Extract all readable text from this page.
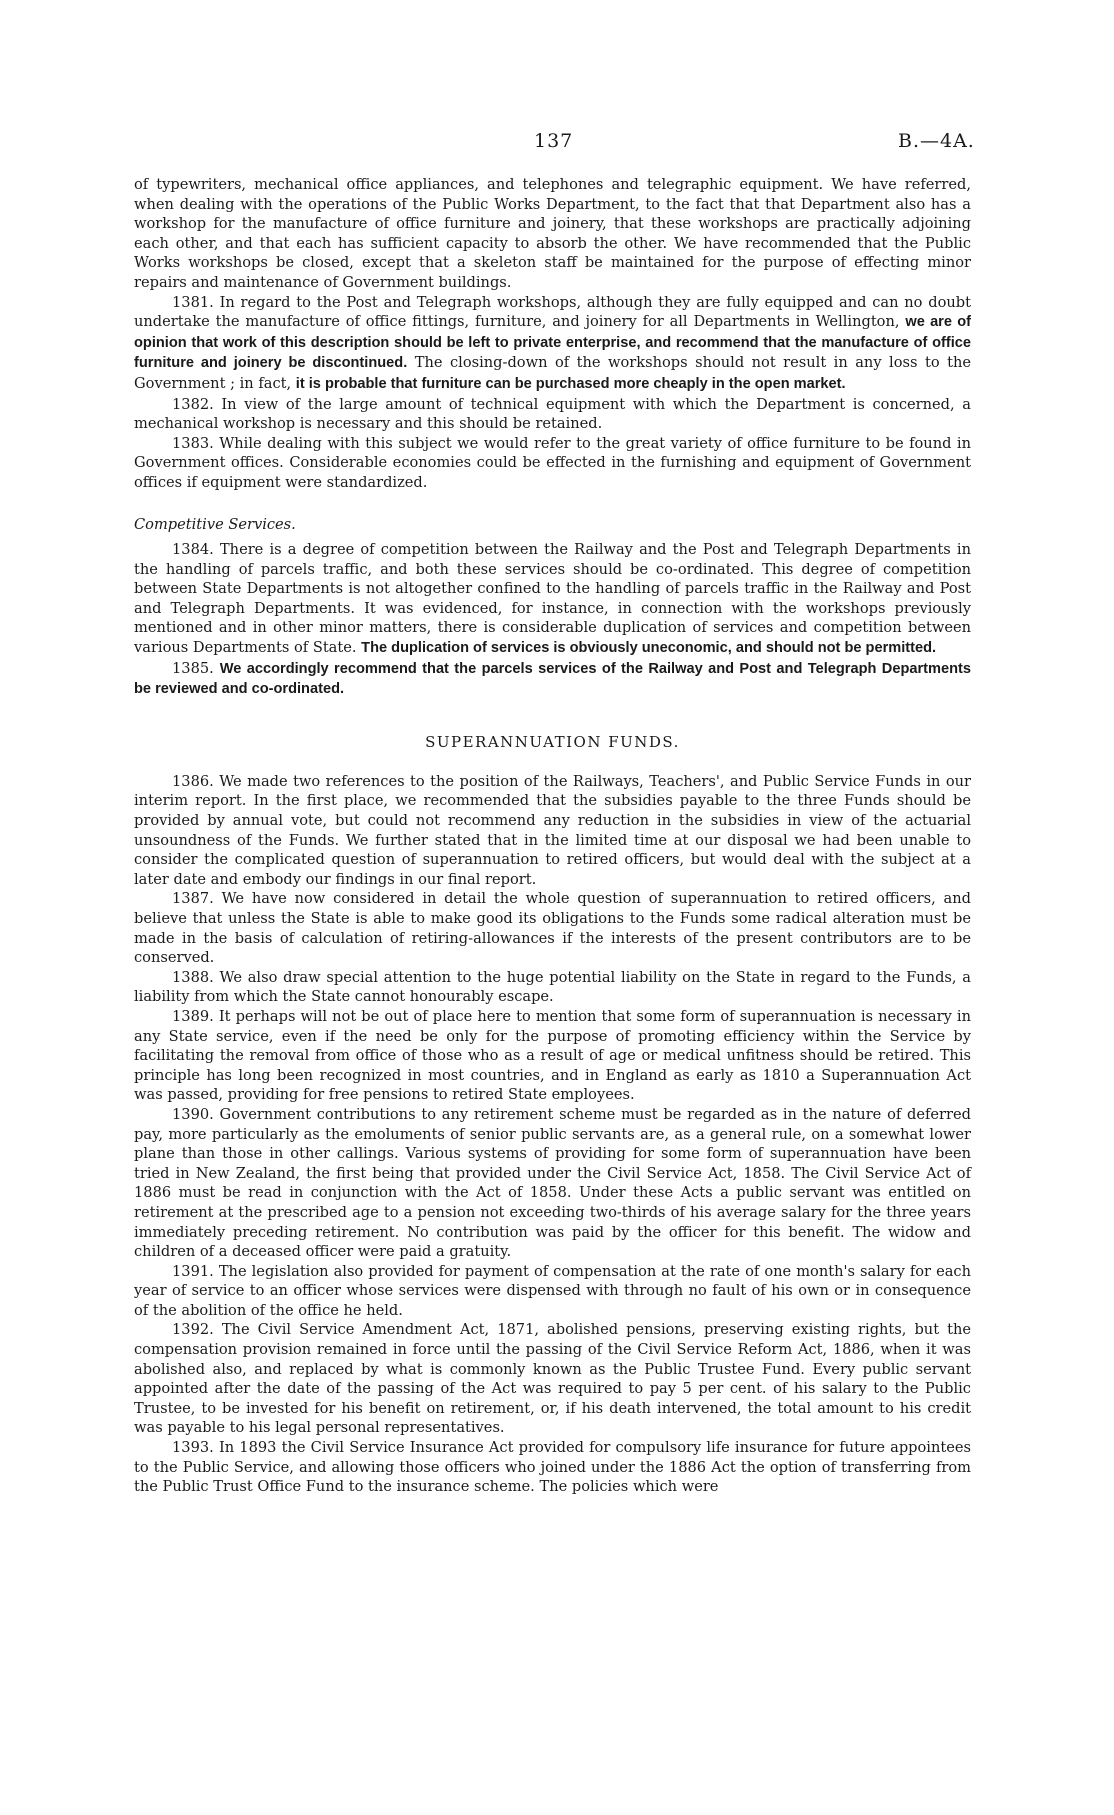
137	B.—4A.

of typewriters, mechanical office appliances, and telephones and telegraphic equipment. We have referred, when dealing with the operations of the Public Works Department, to the fact that that Department also has a workshop for the manufacture of office furniture and joinery, that these workshops are practically adjoining each other, and that each has sufficient capacity to absorb the other. We have recommended that the Public Works workshops be closed, except that a skeleton staff be maintained for the purpose of effecting minor repairs and maintenance of Government buildings.

1381. In regard to the Post and Telegraph workshops, although they are fully equipped and can no doubt undertake the manufacture of office fittings, furniture, and joinery for all Departments in Wellington, we are of opinion that work of this description should be left to private enterprise, and recommend that the manufacture of office furniture and joinery be discontinued. The closing-down of the workshops should not result in any loss to the Government ; in fact, it is probable that furniture can be purchased more cheaply in the open market.

1382. In view of the large amount of technical equipment with which the Department is concerned, a mechanical workshop is necessary and this should be retained.

1383. While dealing with this subject we would refer to the great variety of office furniture to be found in Government offices. Considerable economies could be effected in the furnishing and equipment of Government offices if equipment were standardized.

Competitive Services.

1384. There is a degree of competition between the Railway and the Post and Telegraph Departments in the handling of parcels traffic, and both these services should be co-ordinated. This degree of competition between State Departments is not altogether confined to the handling of parcels traffic in the Railway and Post and Telegraph Departments. It was evidenced, for instance, in connection with the workshops previously mentioned and in other minor matters, there is considerable duplication of services and competition between various Departments of State. The duplication of services is obviously uneconomic, and should not be permitted.

1385. We accordingly recommend that the parcels services of the Railway and Post and Telegraph Departments be reviewed and co-ordinated.

SUPERANNUATION FUNDS.

1386. We made two references to the position of the Railways, Teachers', and Public Service Funds in our interim report. In the first place, we recommended that the subsidies payable to the three Funds should be provided by annual vote, but could not recommend any reduction in the subsidies in view of the actuarial unsoundness of the Funds. We further stated that in the limited time at our disposal we had been unable to consider the complicated question of superannuation to retired officers, but would deal with the subject at a later date and embody our findings in our final report.

1387. We have now considered in detail the whole question of superannuation to retired officers, and believe that unless the State is able to make good its obligations to the Funds some radical alteration must be made in the basis of calculation of retiring-allowances if the interests of the present contributors are to be conserved.

1388. We also draw special attention to the huge potential liability on the State in regard to the Funds, a liability from which the State cannot honourably escape.

1389. It perhaps will not be out of place here to mention that some form of superannuation is necessary in any State service, even if the need be only for the purpose of promoting efficiency within the Service by facilitating the removal from office of those who as a result of age or medical unfitness should be retired. This principle has long been recognized in most countries, and in England as early as 1810 a Superannuation Act was passed, providing for free pensions to retired State employees.

1390. Government contributions to any retirement scheme must be regarded as in the nature of deferred pay, more particularly as the emoluments of senior public servants are, as a general rule, on a somewhat lower plane than those in other callings. Various systems of providing for some form of superannuation have been tried in New Zealand, the first being that provided under the Civil Service Act, 1858. The Civil Service Act of 1886 must be read in conjunction with the Act of 1858. Under these Acts a public servant was entitled on retirement at the prescribed age to a pension not exceeding two-thirds of his average salary for the three years immediately preceding retirement. No contribution was paid by the officer for this benefit. The widow and children of a deceased officer were paid a gratuity.

1391. The legislation also provided for payment of compensation at the rate of one month's salary for each year of service to an officer whose services were dispensed with through no fault of his own or in consequence of the abolition of the office he held.

1392. The Civil Service Amendment Act, 1871, abolished pensions, preserving existing rights, but the compensation provision remained in force until the passing of the Civil Service Reform Act, 1886, when it was abolished also, and replaced by what is commonly known as the Public Trustee Fund. Every public servant appointed after the date of the passing of the Act was required to pay 5 per cent. of his salary to the Public Trustee, to be invested for his benefit on retirement, or, if his death intervened, the total amount to his credit was payable to his legal personal representatives.

1393. In 1893 the Civil Service Insurance Act provided for compulsory life insurance for future appointees to the Public Service, and allowing those officers who joined under the 1886 Act the option of transferring from the Public Trust Office Fund to the insurance scheme. The policies which were
